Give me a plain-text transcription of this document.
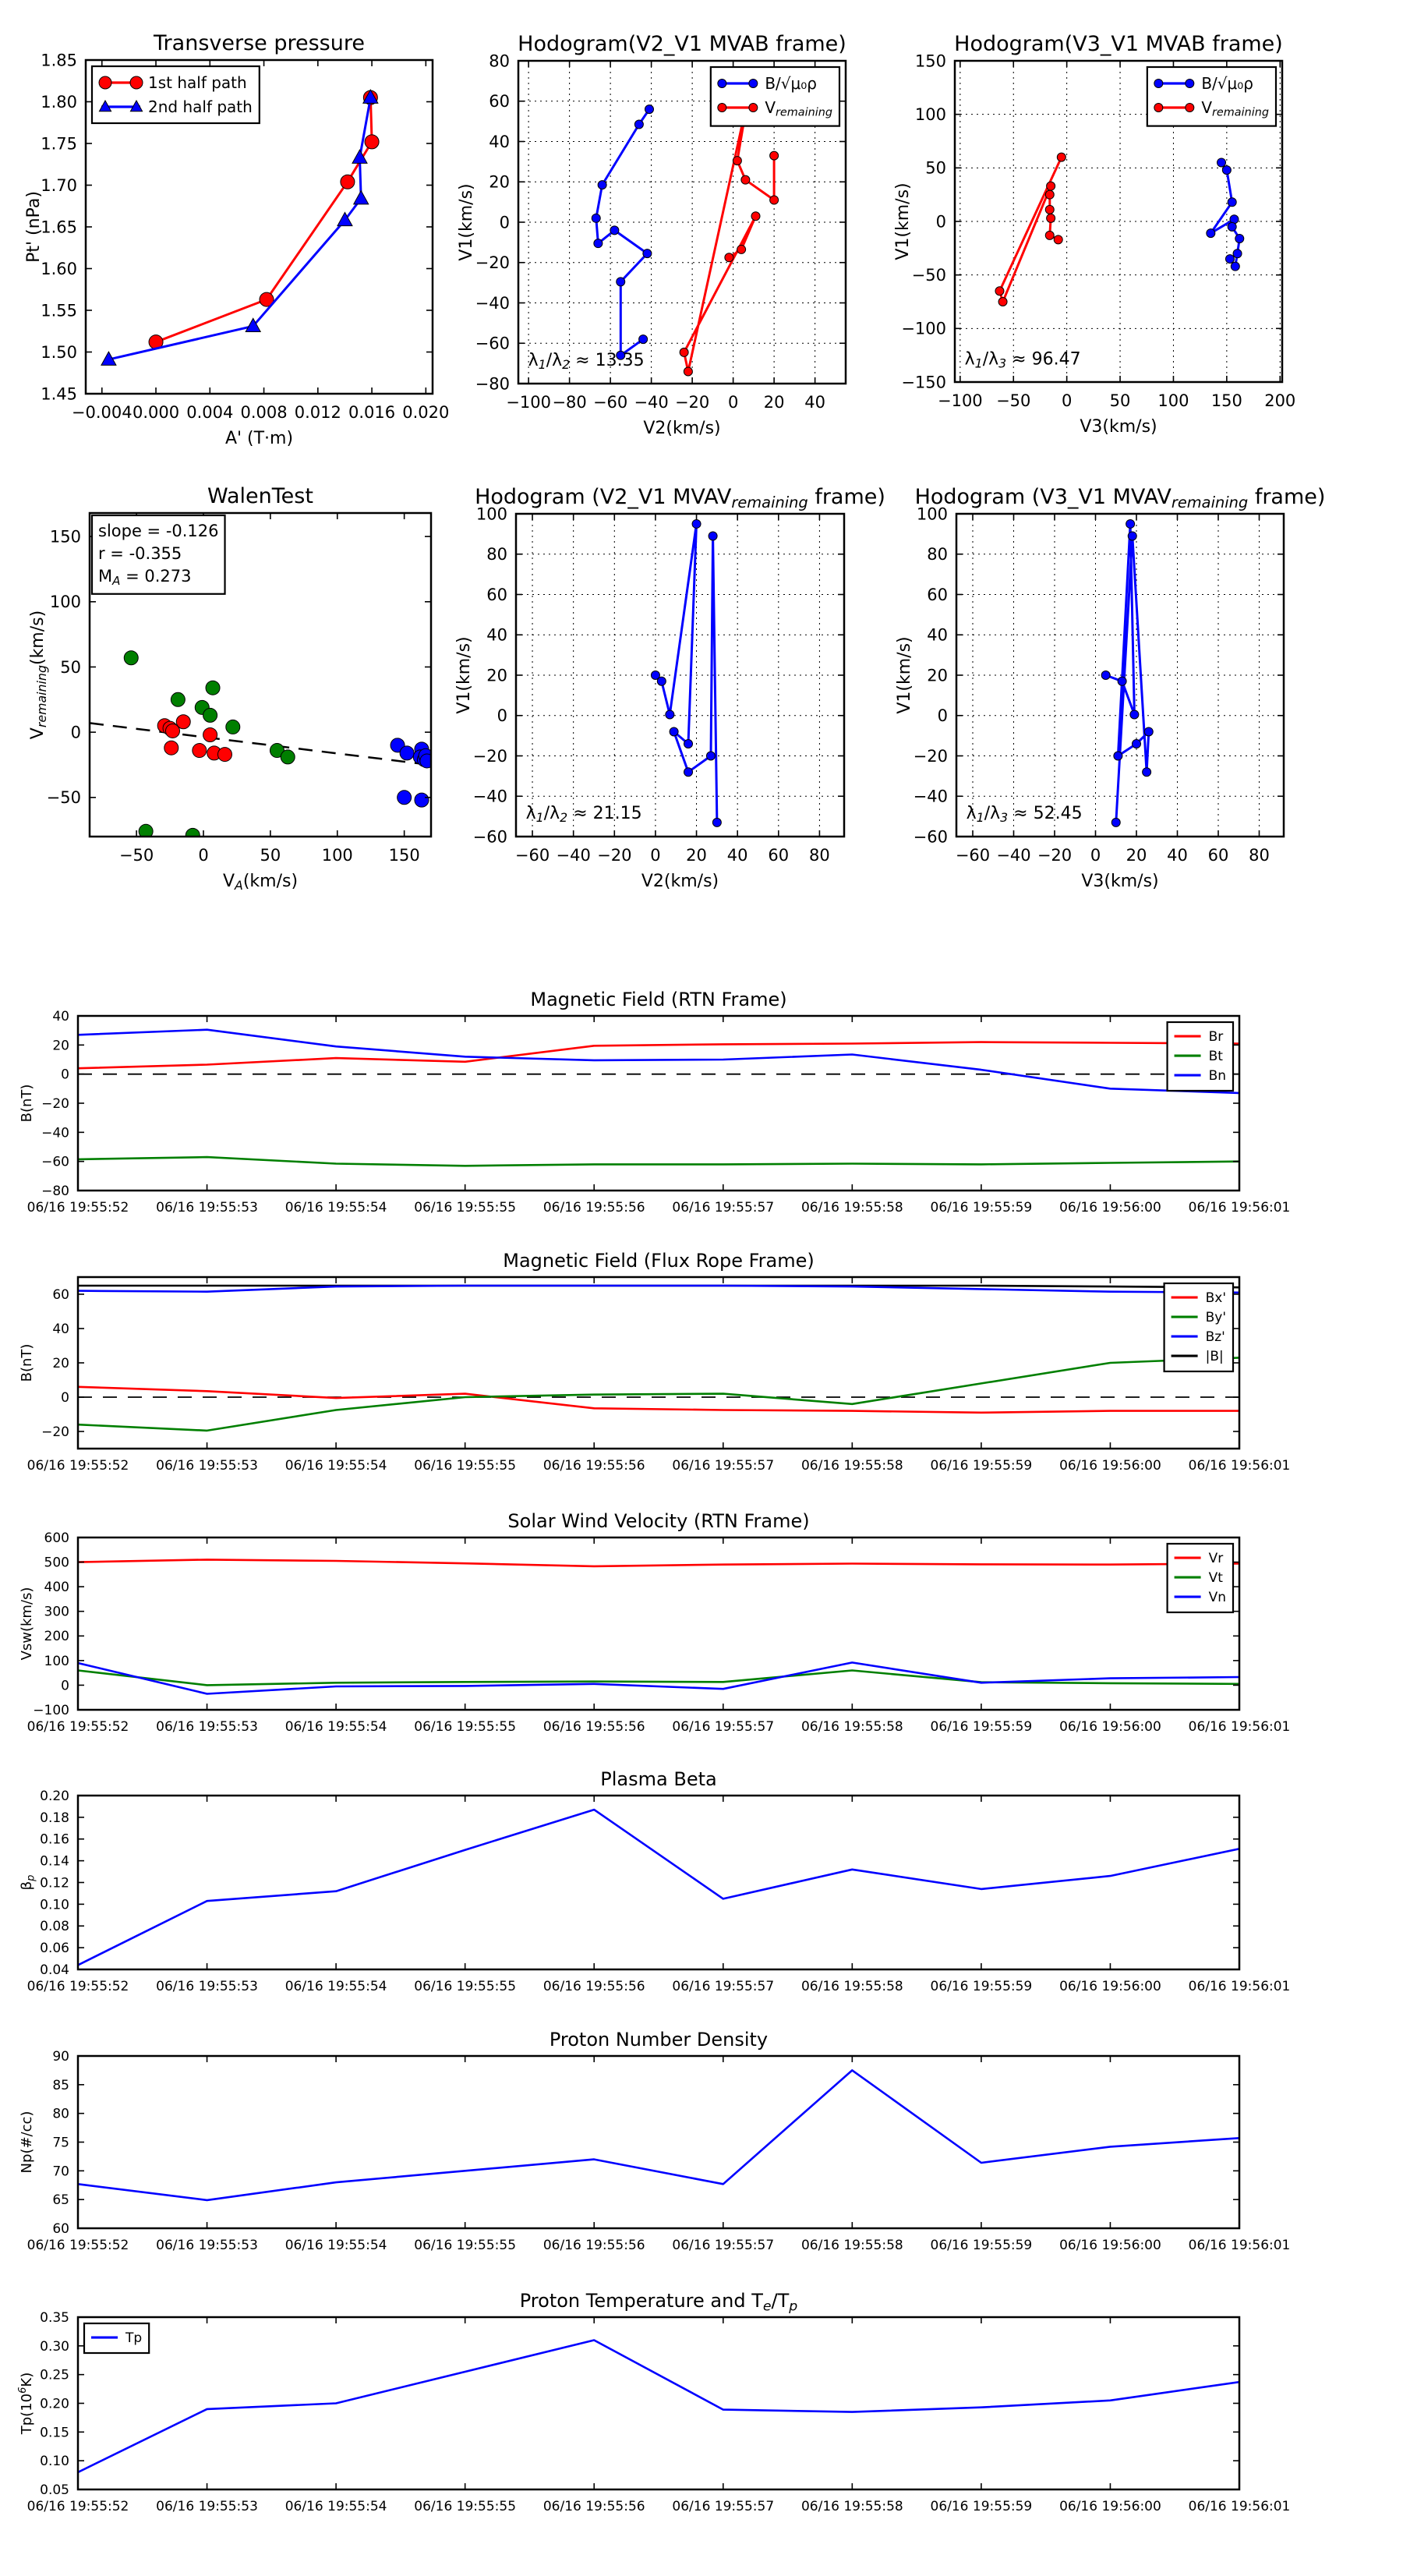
−0.004 0.000 0.004 0.008 0.012 0.016 0.020
1.45
1.50
1.55
1.60
1.65
1.70
1.75
1.80
1.85
Transverse pressure
A' (T·m)
Pt' (nPa)
1st half path
2nd half path
−100 −80 −60 −40 −20 0 20 40
−80
−60
−40
−20
0
20
40
60
80
Hodogram(V2_V1 MVAB frame)
V2(km/s)
V1(km/s)
λ1/λ2 ≈ 13.35
B/√μ₀ρ
Vremaining
−100 −50 0 50 100 150 200
−150
−100
−50
0
50
100
150
Hodogram(V3_V1 MVAB frame)
V3(km/s)
V1(km/s)
λ1/λ3 ≈ 96.47
B/√μ₀ρ
Vremaining
−50	0	50 100 150
−50
0
50
100
150
WalenTest
VA(km/s)
Vremaining(km/s)
slope = -0.126
r = -0.355
MA = 0.273
−60 −40 −20 0 20 40 60 80
−60
−40
−20
0
20
40
60
80
100
Hodogram (V2_V1 MVAVremaining frame)
V2(km/s)
V1(km/s)
λ1/λ2 ≈ 21.15
−60 −40 −20 0 20 40 60 80
−60
−40
−20
0
20
40
60
80
100
Hodogram (V3_V1 MVAVremaining frame)
V3(km/s)
V1(km/s)
λ1/λ3 ≈ 52.45
06/16 19:55:52 06/16 19:55:53 06/16 19:55:54 06/16 19:55:55 06/16 19:55:56 06/16 19:55:57 06/16 19:55:58 06/16 19:55:59 06/16 19:56:00 06/16 19:56:01
−80
−60
−40
−20
0
20
40
Magnetic Field (RTN Frame)
B(nT)
Br
Bt
Bn
06/16 19:55:52 06/16 19:55:53 06/16 19:55:54 06/16 19:55:55 06/16 19:55:56 06/16 19:55:57 06/16 19:55:58 06/16 19:55:59 06/16 19:56:00 06/16 19:56:01
−20
0
20
40
60
Magnetic Field (Flux Rope Frame)
B(nT)
Bx'
By'
Bz'
|B|
06/16 19:55:52 06/16 19:55:53 06/16 19:55:54 06/16 19:55:55 06/16 19:55:56 06/16 19:55:57 06/16 19:55:58 06/16 19:55:59 06/16 19:56:00 06/16 19:56:01
−100
0
100
200
300
400
500
600
Solar Wind Velocity (RTN Frame)
Vsw(km/s)
Vr
Vt
Vn
06/16 19:55:52 06/16 19:55:53 06/16 19:55:54 06/16 19:55:55 06/16 19:55:56 06/16 19:55:57 06/16 19:55:58 06/16 19:55:59 06/16 19:56:00 06/16 19:56:01
0.04
0.06
0.08
0.10
0.12
0.14
0.16
0.18
0.20
Plasma Beta
βp
06/16 19:55:52 06/16 19:55:53 06/16 19:55:54 06/16 19:55:55 06/16 19:55:56 06/16 19:55:57 06/16 19:55:58 06/16 19:55:59 06/16 19:56:00 06/16 19:56:01
60
65
70
75
80
85
90
Proton Number Density
Np(#/cc)
06/16 19:55:52 06/16 19:55:53 06/16 19:55:54 06/16 19:55:55 06/16 19:55:56 06/16 19:55:57 06/16 19:55:58 06/16 19:55:59 06/16 19:56:00 06/16 19:56:01
0.05
0.10
0.15
0.20
0.25
0.30
0.35
Proton Temperature and Te/Tp
$Tp(10^6K)$
Tp
